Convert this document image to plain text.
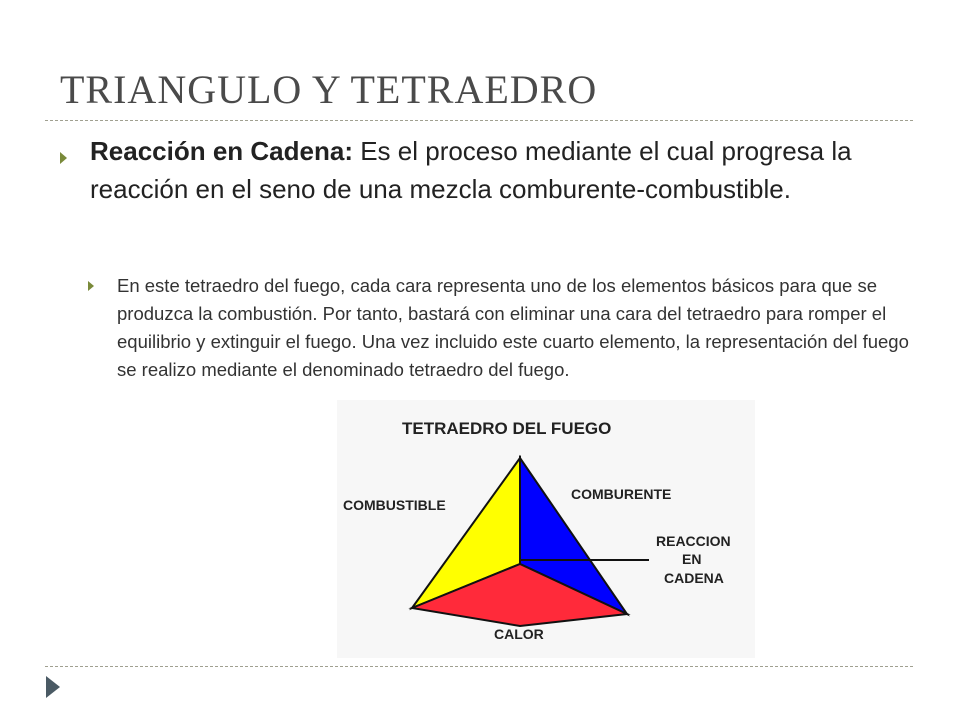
TRIANGULO Y TETRAEDRO
Reacción en Cadena: Es el proceso mediante el cual progresa la reacción en el seno de una mezcla comburente-combustible.
En este tetraedro del fuego, cada cara representa uno de los elementos básicos para que se produzca la combustión. Por tanto, bastará con eliminar una cara del tetraedro para romper el equilibrio y extinguir el fuego. Una vez incluido este cuarto elemento, la representación del fuego se realizo mediante el denominado tetraedro del fuego.
TETRAEDRO DEL FUEGO
COMBUSTIBLE
COMBURENTE
REACCION
EN
CADENA
CALOR
